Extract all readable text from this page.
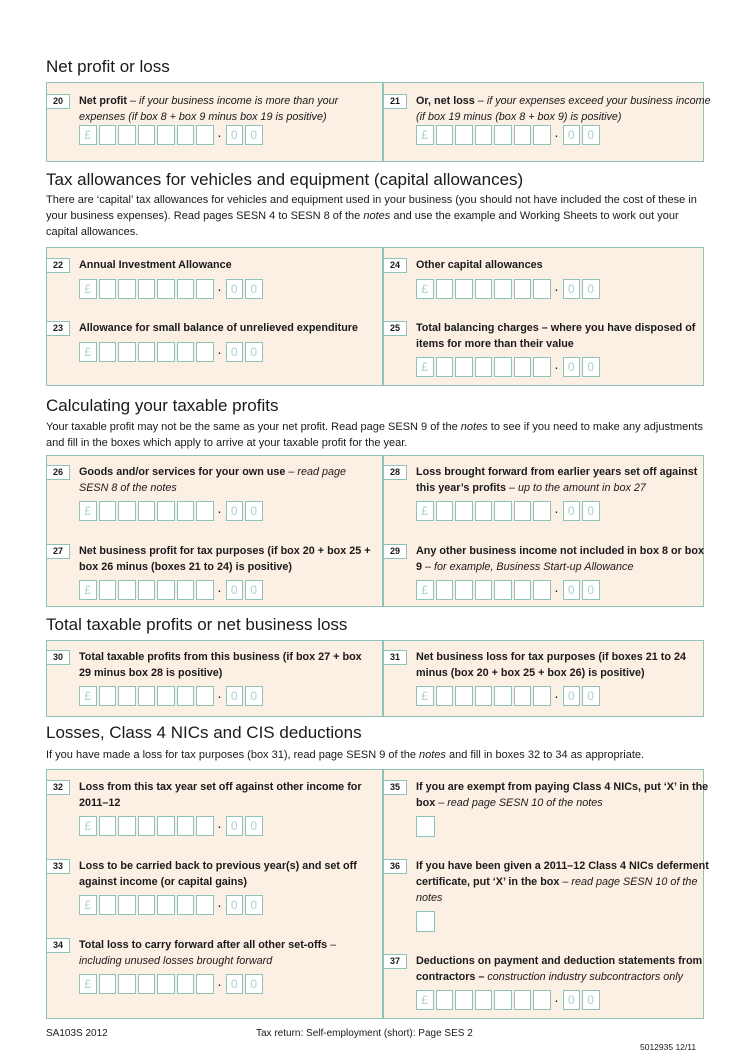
Net profit or loss
20	Net profit – if your business income is more than your expenses (if box 8 + box 9 minus box 19 is positive)
£	· 0	0
21	Or, net loss – if your expenses exceed your business income (if box 19 minus (box 8 + box 9) is positive)
£	· 0	0
Tax allowances for vehicles and equipment (capital allowances)
There are ‘capital’ tax allowances for vehicles and equipment used in your business (you should not have included the cost of these in your business expenses). Read pages SESN 4 to SESN 8 of the notes and use the example and Working Sheets to work out your capital allowances.
22	Annual Investment Allowance
£	· 0	0
24	Other capital allowances
£	· 0	0
23	Allowance for small balance of unrelieved expenditure
£	· 0	0
25	Total balancing charges – where you have disposed of items for more than their value
£	· 0	0
Calculating your taxable profits
Your taxable profit may not be the same as your net profit. Read page SESN 9 of the notes to see if you need to make any adjustments and fill in the boxes which apply to arrive at your taxable profit for the year.
26	Goods and/or services for your own use – read page SESN 8 of the notes
£	· 0	0
28	Loss brought forward from earlier years set off against this year’s profits – up to the amount in box 27
£	· 0	0
27	Net business profit for tax purposes (if box 20 + box 25 + box 26 minus (boxes 21 to 24) is positive)
£	· 0	0
29	Any other business income not included in box 8 or box 9 – for example, Business Start-up Allowance
£	· 0	0
Total taxable profits or net business loss
30	Total taxable profits from this business (if box 27 + box 29 minus box 28 is positive)
£	· 0	0
31	Net business loss for tax purposes (if boxes 21 to 24 minus (box 20 + box 25 + box 26) is positive)
£	· 0	0
Losses, Class 4 NICs and CIS deductions
If you have made a loss for tax purposes (box 31), read page SESN 9 of the notes and fill in boxes 32 to 34 as appropriate.
32	Loss from this tax year set off against other income for 2011–12
£	· 0	0
35	If you are exempt from paying Class 4 NICs, put ‘X’ in the box – read page SESN 10 of the notes
33	Loss to be carried back to previous year(s) and set off against income (or capital gains)
£	· 0	0
36	If you have been given a 2011–12 Class 4 NICs deferment certificate, put ‘X’ in the box – read page SESN 10 of the notes
34	Total loss to carry forward after all other set-offs – including unused losses brought forward
£	· 0	0
37	Deductions on payment and deduction statements from contractors – construction industry subcontractors only
£	· 0	0
SA103S 2012	Tax return: Self-employment (short): Page SES 2
5012935 12/11
